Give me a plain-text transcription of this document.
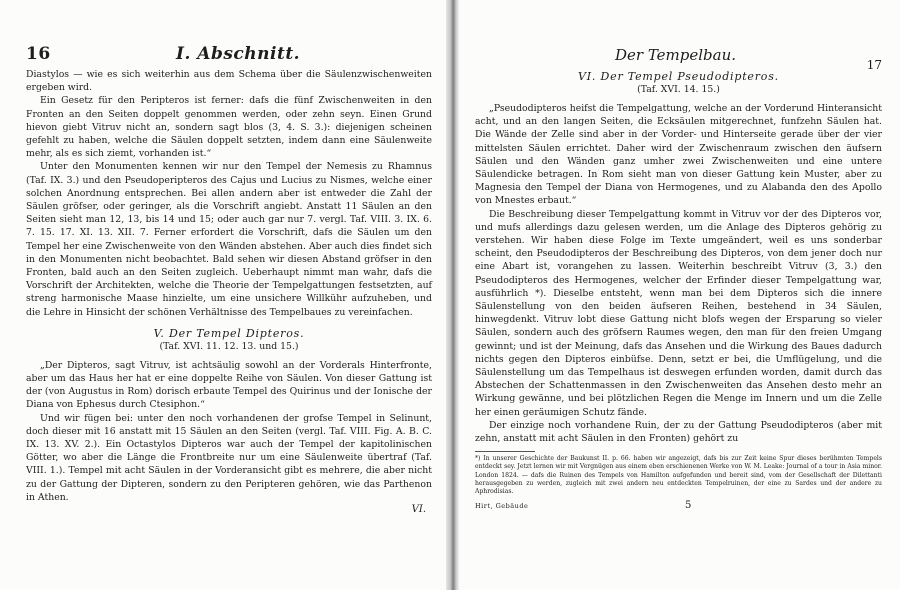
16	I. Abschnitt.

Diastylos — wie es sich weiterhin aus dem Schema über die Säulenzwischenweiten ergeben wird.

Ein Gesetz für den Peripteros ist ferner: dafs die fünf Zwischenweiten in den Fronten an den Seiten doppelt genommen werden, oder zehn seyn. Einen Grund hievon giebt Vitruv nicht an, sondern sagt blos (3, 4. S. 3.): diejenigen scheinen gefehlt zu haben, welche die Säulen doppelt setzten, indem dann eine Säulenweite mehr, als es sich ziemt, vorhanden ist.“

Unter den Monumenten kennen wir nur den Tempel der Nemesis zu Rhamnus (Taf. IX. 3.) und den Pseudoperipteros des Cajus und Lucius zu Nismes, welche einer solchen Anordnung entsprechen. Bei allen andern aber ist entweder die Zahl der Säulen gröfser, oder geringer, als die Vorschrift angiebt. Anstatt 11 Säulen an den Seiten sieht man 12, 13, bis 14 und 15; oder auch gar nur 7. vergl. Taf. VIII. 3. IX. 6. 7. 15. 17. XI. 13. XII. 7. Ferner erfordert die Vorschrift, dafs die Säulen um den Tempel her eine Zwischenweite von den Wänden abstehen. Aber auch dies findet sich in den Monumenten nicht beobachtet. Bald sehen wir diesen Abstand gröfser in den Fronten, bald auch an den Seiten zugleich. Ueberhaupt nimmt man wahr, dafs die Vorschrift der Architekten, welche die Theorie der Tempelgattungen festsetzten, auf streng harmonische Maase hinzielte, um eine unsichere Willkühr aufzuheben, und die Lehre in Hinsicht der schönen Verhältnisse des Tempelbaues zu vereinfachen.

V. Der Tempel Dipteros.
(Taf. XVI. 11. 12. 13. und 15.)

„Der Dipteros, sagt Vitruv, ist achtsäulig sowohl an der Vorderals Hinterfronte, aber um das Haus her hat er eine doppelte Reihe von Säulen. Von dieser Gattung ist der (von Augustus in Rom) dorisch erbaute Tempel des Quirinus und der Ionische der Diana von Ephesus durch Ctesiphon.“

Und wir fügen bei: unter den noch vorhandenen der grofse Tempel in Selinunt, doch dieser mit 16 anstatt mit 15 Säulen an den Seiten (vergl. Taf. VIII. Fig. A. B. C. IX. 13. XV. 2.). Ein Octastylos Dipteros war auch der Tempel der kapitolinischen Götter, wo aber die Länge die Frontbreite nur um eine Säulenweite übertraf (Taf. VIII. 1.). Tempel mit acht Säulen in der Vorderansicht gibt es mehrere, die aber nicht zu der Gattung der Dipteren, sondern zu den Peripteren gehören, wie das Parthenon in Athen.

VI.
Der Tempelbau.
17
VI. Der Tempel Pseudodipteros.
(Taf. XVI. 14. 15.)

„Pseudodipteros heifst die Tempelgattung, welche an der Vorderund Hinteransicht acht, und an den langen Seiten, die Ecksäulen mitgerechnet, funfzehn Säulen hat. Die Wände der Zelle sind aber in der Vorder- und Hinterseite gerade über der vier mittelsten Säulen errichtet. Daher wird der Zwischenraum zwischen den äufsern Säulen und den Wänden ganz umher zwei Zwischenweiten und eine untere Säulendicke betragen. In Rom sieht man von dieser Gattung kein Muster, aber zu Magnesia den Tempel der Diana von Hermogenes, und zu Alabanda den des Apollo von Mnestes erbaut.“

Die Beschreibung dieser Tempelgattung kommt in Vitruv vor der des Dipteros vor, und mufs allerdings dazu gelesen werden, um die Anlage des Dipteros gehörig zu verstehen. Wir haben diese Folge im Texte umgeändert, weil es uns sonderbar scheint, den Pseudodipteros der Beschreibung des Dipteros, von dem jener doch nur eine Abart ist, vorangehen zu lassen. Weiterhin beschreibt Vitruv (3, 3.) den Pseudodipteros des Hermogenes, welcher der Erfinder dieser Tempelgattung war, ausführlich *). Dieselbe entsteht, wenn man bei dem Dipteros sich die innere Säulenstellung von den beiden äufseren Reihen, bestehend in 34 Säulen, hinwegdenkt. Vitruv lobt diese Gattung nicht blofs wegen der Ersparung so vieler Säulen, sondern auch des gröfsern Raumes wegen, den man für den freien Umgang gewinnt; und ist der Meinung, dafs das Ansehen und die Wirkung des Baues dadurch nichts gegen den Dipteros einbüfse. Denn, setzt er bei, die Umflügelung, und die Säulenstellung um das Tempelhaus ist deswegen erfunden worden, damit durch das Abstechen der Schattenmassen in den Zwischenweiten das Ansehen desto mehr an Wirkung gewänne, und bei plötzlichen Regen die Menge im Innern und um die Zelle her einen geräumigen Schutz fände.

Der einzige noch vorhandene Ruin, der zu der Gattung Pseudodipteros (aber mit zehn, anstatt mit acht Säulen in den Fronten) gehört zu

*) In unserer Geschichte der Baukunst II. p. 66. haben wir angezeigt, dafs bis zur Zeit keine Spur dieses berühmten Tempels entdeckt sey. Jetzt lernen wir mit Vergnügen aus einem eben erschienenen Werke von W. M. Leake: Journal of a tour in Asia minor. London 1824. — dafs die Ruinen des Tempels von Hamilton aufgefunden und bereit sind, vom der Gesellschaft der Dilettanti herausgegeben zu werden, zugleich mit zwei andern neu entdeckten Tempelruinen, der eine zu Sardes und der andere zu Aphrodisias.

Hirt, Gebäude	5
